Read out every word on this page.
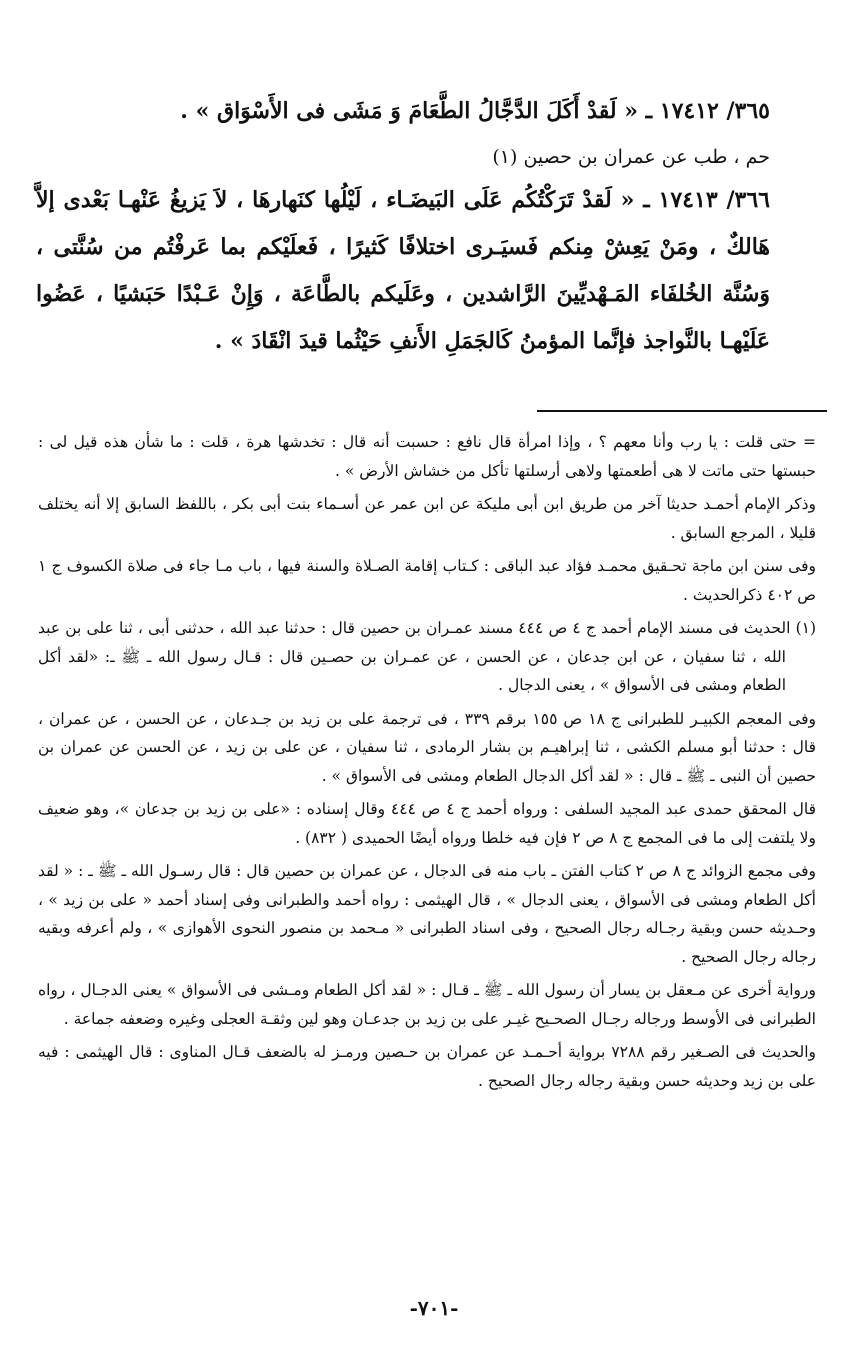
٣٦٥/ ١٧٤١٢ ـ « لَقدْ أَكَلَ الدَّجَّالُ الطَّعَامَ وَ مَشَى فى الأَسْوَاق » .

حم ، طب عن عمران بن حصين (١)

٣٦٦/ ١٧٤١٣ ـ « لَقدْ تَرَكْتُكُم عَلَى البَيضَـاء ، لَيْلُها كنَهارهَا ، لاَ يَزيغُ عَنْهـا بَعْدى إلاَّ هَالكٌ ، ومَنْ يَعِشْ مِنكم فَسيَـرى اختلافًا كَثيرًا ، فَعلَيْكم بما عَرفْتُم من سُنَّتى ، وَسُنَّة الخُلفَاء المَـهْديِّينَ الرَّاشدين ، وعَلَيكم بالطَّاعَة ، وَإِنْ عَـبْدًا حَبَشيًا ، عَضُوا عَلَيْهـا بالنَّواجذ فإنَّما المؤمنُ كَالجَمَلِ الأَنفِ حَيْثُما قيدَ انْقَادَ » .

= حتى قلت : يا رب وأنا معهم ؟ ، وإذا امرأة قال نافع : حسبت أنه قال : تخدشها هرة ، قلت : ما شأن هذه قيل لى : حبستها حتى ماتت لا هى أطعمتها ولاهى أرسلتها تأكل من خشاش الأرض » .

وذكر الإمام أحمـد حديثا آخر من طريق ابن أبى مليكة عن ابن عمر عن أسـماء بنت أبى بكر ، باللفظ السابق إلا أنه يختلف قليلا ، المرجع السابق .

وفى سنن ابن ماجة تحـقيق محمـد فؤاد عبد الباقى : كـتاب إقامة الصـلاة والسنة فيها ، باب مـا جاء فى صلاة الكسوف ج ١ ص ٤٠٢ ذكرالحديث .

(١) الحديث فى مسند الإمام أحمد ج ٤ ص ٤٤٤ مسند عمـران بن حصين قال : حدثنا عبد الله ، حدثنى أبى ، ثنا على بن عبد الله ، ثنا سفيان ، عن ابن جدعان ، عن الحسن ، عن عمـران بن حصـين قال : قـال رسول الله ـ ﷺ ـ: «لقد أكل الطعام ومشى فى الأسواق » ، يعنى الدجال .

وفى المعجم الكبيـر للطبرانى ج ١٨ ص ١٥٥ برقم ٣٣٩ ، فى ترجمة على بن زيد بن جـدعان ، عن الحسن ، عن عمران ، قال : حدثنا أبو مسلم الكشى ، ثنا إبراهيـم بن بشار الرمادى ، ثنا سفيان ، عن على بن زيد ، عن الحسن عن عمران بن حصين أن النبى ـ ﷺ ـ قال : « لقد أكل الدجال الطعام ومشى فى الأسواق » .

قال المحقق حمدى عبد المجيد السلفى : ورواه أحمد ج ٤ ص ٤٤٤ وقال إسناده : «على بن زيد بن جدعان »، وهو ضعيف ولا يلتفت إلى ما فى المجمع ج ٨ ص ٢ فإن فيه خلطا ورواه أيضًا الحميدى ( ٨٣٢) .

وفى مجمع الزوائد ج ٨ ص ٢ كتاب الفتن ـ باب منه فى الدجال ، عن عمران بن حصين قال : قال رسـول الله ـ ﷺ ـ : « لقد أكل الطعام ومشى فى الأسواق ، يعنى الدجال » ، قال الهيثمى : رواه أحمد والطبرانى وفى إسناد أحمد « على بن زيد » ، وحـديثه حسن وبقية رجـاله رجال الصحيح ، وفى اسناد الطبرانى « مـحمد بن منصور النحوى الأهوازى » ، ولم أعرفه وبقيه رجاله رجال الصحيح .

ورواية أخرى عن مـعقل بن يسار أن رسول الله ـ ﷺ ـ قـال : « لقد أكل الطعام ومـشى فى الأسواق » يعنى الدجـال ، رواه الطبرانى فى الأوسط ورجاله رجـال الصحـيح غيـر على بن زيد بن جدعـان وهو لين وثقـة العجلى وغيره وضعفه جماعة .

والحديث فى الصـغير رقم ٧٢٨٨ برواية أحـمـد عن عمران بن حـصين ورمـز له بالضعف قـال المناوى : قال الهيثمى : فيه على بن زيد وحديثه حسن وبقية رجاله رجال الصحيح .

-٧٠١-
